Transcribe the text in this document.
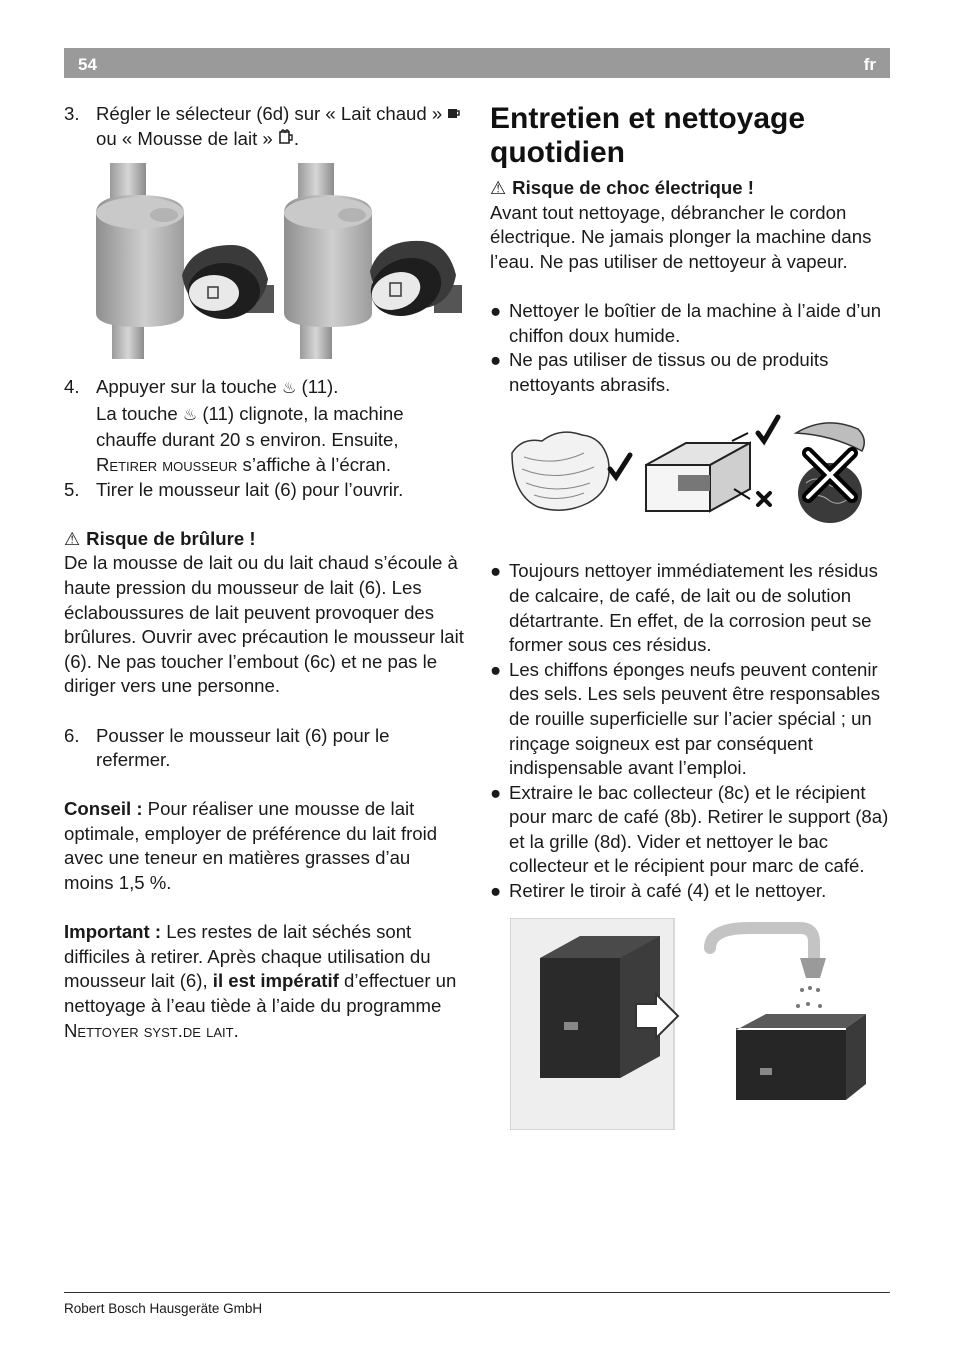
54	fr
3. Régler le sélecteur (6d) sur « Lait chaud »  ou « Mousse de lait » .
4. Appuyer sur la touche ♨ (11).
La touche ♨ (11) clignote, la machine chauffe durant 20 s environ. Ensuite, Retirer mousseur s’affiche à l’écran.
5. Tirer le mousseur lait (6) pour l’ouvrir.
⚠ Risque de brûlure !

De la mousse de lait ou du lait chaud s’écoule à haute pression du mousseur de lait (6). Les éclaboussures de lait peuvent provoquer des brûlures. Ouvrir avec précaution le mousseur lait (6). Ne pas toucher l’embout (6c) et ne pas le diriger vers une personne.

6. Pousser le mousseur lait (6) pour le refermer.

Conseil : Pour réaliser une mousse de lait optimale, employer de préférence du lait froid avec une teneur en matières grasses d’au moins 1,5 %.

Important : Les restes de lait séchés sont difficiles à retirer. Après chaque utilisation du mousseur lait (6), il est impératif d’effectuer un nettoyage à l’eau tiède à l’aide du programme Nettoyer syst.de lait.

Entretien et nettoyage quotidien
⚠ Risque de choc électrique !

Avant tout nettoyage, débrancher le cordon électrique. Ne jamais plonger la machine dans l’eau. Ne pas utiliser de nettoyeur à vapeur.

● Nettoyer le boîtier de la machine à l’aide d’un chiffon doux humide.
● Ne pas utiliser de tissus ou de produits nettoyants abrasifs.
● Toujours nettoyer immédiatement les résidus de calcaire, de café, de lait ou de solution détartrante. En effet, de la corrosion peut se former sous ces résidus.
● Les chiffons éponges neufs peuvent contenir des sels. Les sels peuvent être responsables de rouille superficielle sur l’acier spécial ; un rinçage soigneux est par conséquent indispensable avant l’emploi.
● Extraire le bac collecteur (8c) et le récipient pour marc de café (8b). Retirer le support (8a) et la grille (8d). Vider et nettoyer le bac collecteur et le récipient pour marc de café.
● Retirer le tiroir à café (4) et le nettoyer.
Robert Bosch Hausgeräte GmbH
